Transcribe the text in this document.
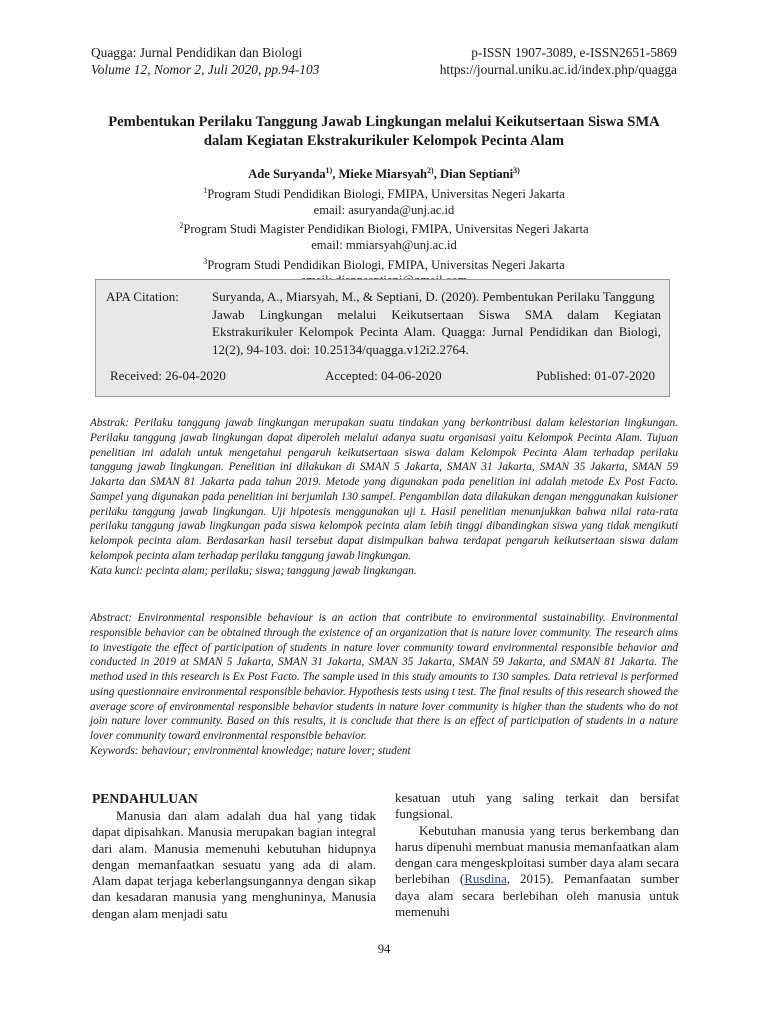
Quagga: Jurnal Pendidikan dan Biologi
Volume 12, Nomor 2, Juli 2020, pp.94-103
p-ISSN 1907-3089, e-ISSN2651-5869
https://journal.uniku.ac.id/index.php/quagga
Pembentukan Perilaku Tanggung Jawab Lingkungan melalui Keikutsertaan Siswa SMA
dalam Kegiatan Ekstrakurikuler Kelompok Pecinta Alam
Ade Suryanda$^{1)}$, Mieke Miarsyah$^{2)}$, Dian Septiani$^{3)}$
$^1$Program Studi Pendidikan Biologi, FMIPA, Universitas Negeri Jakarta
email: asuryanda@unj.ac.id
$^2$Program Studi Magister Pendidikan Biologi, FMIPA, Universitas Negeri Jakarta
email: mmiarsyah@unj.ac.id
$^3$Program Studi Pendidikan Biologi, FMIPA, Universitas Negeri Jakarta
APA Citation:	Suryanda, A., Miarsyah, M., & Septiani, D. (2020). Pembentukan Perilaku Tanggung
Jawab Lingkungan melalui Keikutsertaan Siswa SMA dalam Kegiatan Ekstrakurikuler Kelompok Pecinta Alam. Quagga: Jurnal Pendidikan dan Biologi, 12(2), 94-103. doi: 10.25134/quagga.v12i2.2764.
Received: 26-04-2020	Accepted: 04-06-2020	Published: 01-07-2020
Abstrak: Perilaku tanggung jawab lingkungan merupakan suatu tindakan yang berkontribusi dalam kelestarian lingkungan. Perilaku tanggung jawab lingkungan dapat diperoleh melalui adanya suatu organisasi yaitu Kelompok Pecinta Alam. Tujuan penelitian ini adalah untuk mengetahui pengaruh keikutsertaan siswa dalam Kelompok Pecinta Alam terhadap perilaku tanggung jawab lingkungan. Penelitian ini dilakukan di SMAN 5 Jakarta, SMAN 31 Jakarta, SMAN 35 Jakarta, SMAN 59 Jakarta dan SMAN 81 Jakarta pada tahun 2019. Metode yang digunakan pada penelitian ini adalah metode Ex Post Facto. Sampel yang digunakan pada penelitian ini berjumlah 130 sampel. Pengambilan data dilakukan dengan menggunakan kuisioner perilaku tanggung jawab lingkungan. Uji hipotesis menggunakan uji t. Hasil penelitian menunjukkan bahwa nilai rata-rata perilaku tanggung jawab lingkungan pada siswa kelompok pecinta alam lebih tinggi dibandingkan siswa yang tidak mengikuti kelompok pecinta alam. Berdasarkan hasil tersebut dapat disimpulkan bahwa terdapat pengaruh keikutsertaan siswa dalam kelompok pecinta alam terhadap perilaku tanggung jawab lingkungan.
Kata kunci: pecinta alam; perilaku; siswa; tanggung jawab lingkungan.
Abstract: Environmental responsible behaviour is an action that contribute to environmental sustainability. Environmental responsible behavior can be obtained through the existence of an organization that is nature lover community. The research aims to investigate the effect of participation of students in nature lover community toward environmental responsible behavior and conducted in 2019 at SMAN 5 Jakarta, SMAN 31 Jakarta, SMAN 35 Jakarta, SMAN 59 Jakarta, and SMAN 81 Jakarta. The method used in this research is Ex Post Facto. The sample used in this study amounts to 130 samples. Data retrieval is performed using questionnaire environmental responsible behavior. Hypothesis tests using t test. The final results of this research showed the average score of environmental responsible behavior students in nature lover community is higher than the students who do not join nature lover community. Based on this results, it is conclude that there is an effect of participation of students in a nature lover community toward environmental responsible behavior.
Keywords: behaviour; environmental knowledge; nature lover; student
PENDAHULUAN

Manusia dan alam adalah dua hal yang tidak dapat dipisahkan. Manusia merupakan bagian integral dari alam. Manusia memenuhi kebutuhan hidupnya dengan memanfaatkan sesuatu yang ada di alam. Alam dapat terjaga keberlangsungannya dengan sikap dan kesadaran manusia yang menghuninya, Manusia dengan alam menjadi satu

kesatuan utuh yang saling terkait dan bersifat fungsional.

Kebutuhan manusia yang terus berkembang dan harus dipenuhi membuat manusia memanfaatkan alam dengan cara mengeskploitasi sumber daya alam secara berlebihan (Rusdina, 2015). Pemanfaatan sumber daya alam secara berlebihan oleh manusia untuk memenuhi

94
